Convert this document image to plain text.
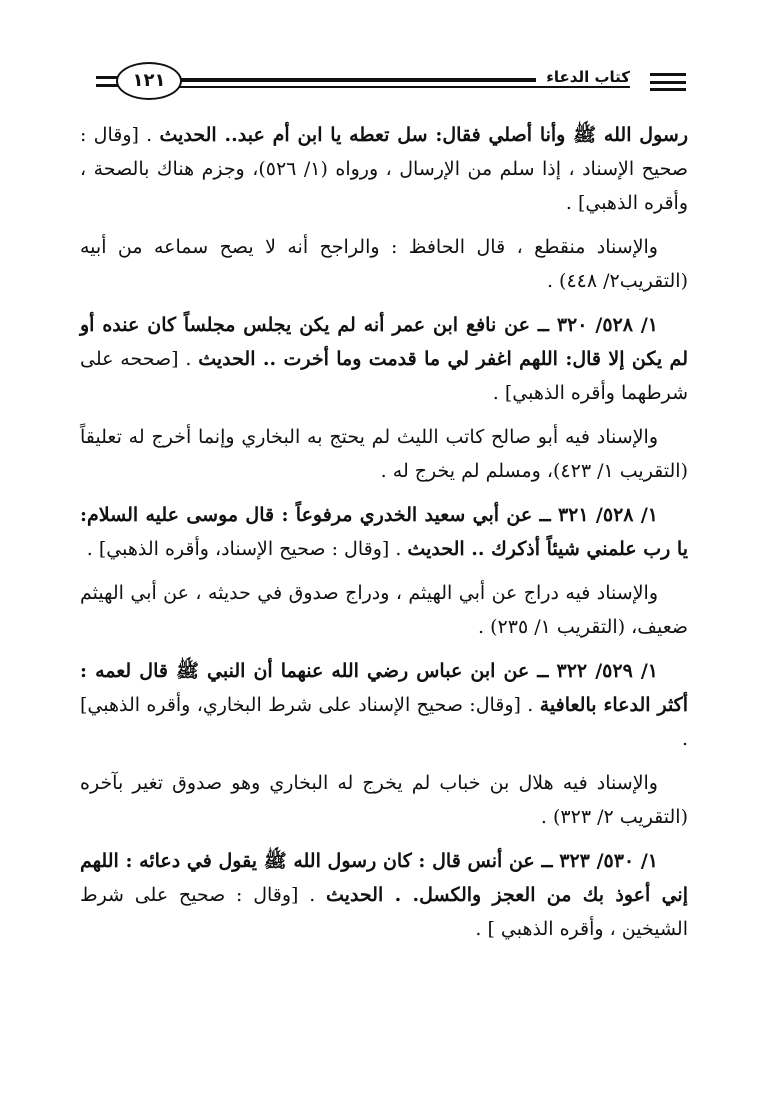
١٢١	كتاب الدعاء

رسول الله ﷺ وأنا أصلي فقال: سل تعطه يا ابن أم عبد.. الحديث . [وقال : صحيح الإسناد ، إذا سلم من الإرسال ، ورواه (١/ ٥٢٦)، وجزم هناك بالصحة ، وأقره الذهبي] .

والإسناد منقطع ، قال الحافظ : والراجح أنه لا يصح سماعه من أبيه (التقريب٢/ ٤٤٨) .

١/ ٥٢٨/ ٣٢٠ ــ عن نافع ابن عمر أنه لم يكن يجلس مجلساً كان عنده أو لم يكن إلا قال: اللهم اغفر لي ما قدمت وما أخرت .. الحديث . [صححه على شرطهما وأقره الذهبي] .

والإسناد فيه أبو صالح كاتب الليث لم يحتج به البخاري وإنما أخرج له تعليقاً (التقريب ١/ ٤٢٣)، ومسلم لم يخرج له .

١/ ٥٢٨/ ٣٢١ ــ عن أبي سعيد الخدري مرفوعاً : قال موسى عليه السلام: يا رب علمني شيئاً أذكرك .. الحديث . [وقال : صحيح الإسناد، وأقره الذهبي] .

والإسناد فيه دراج عن أبي الهيثم ، ودراج صدوق في حديثه ، عن أبي الهيثم ضعيف، (التقريب ١/ ٢٣٥) .

١/ ٥٢٩/ ٣٢٢ ــ عن ابن عباس رضي الله عنهما أن النبي ﷺ قال لعمه : أكثر الدعاء بالعافية . [وقال: صحيح الإسناد على شرط البخاري، وأقره الذهبي] .

والإسناد فيه هلال بن خباب لم يخرج له البخاري وهو صدوق تغير بآخره (التقريب ٢/ ٣٢٣) .

١/ ٥٣٠/ ٣٢٣ ــ عن أنس قال : كان رسول الله ﷺ يقول في دعائه : اللهم إني أعوذ بك من العجز والكسل. . الحديث . [وقال : صحيح على شرط الشيخين ، وأقره الذهبي ] .
